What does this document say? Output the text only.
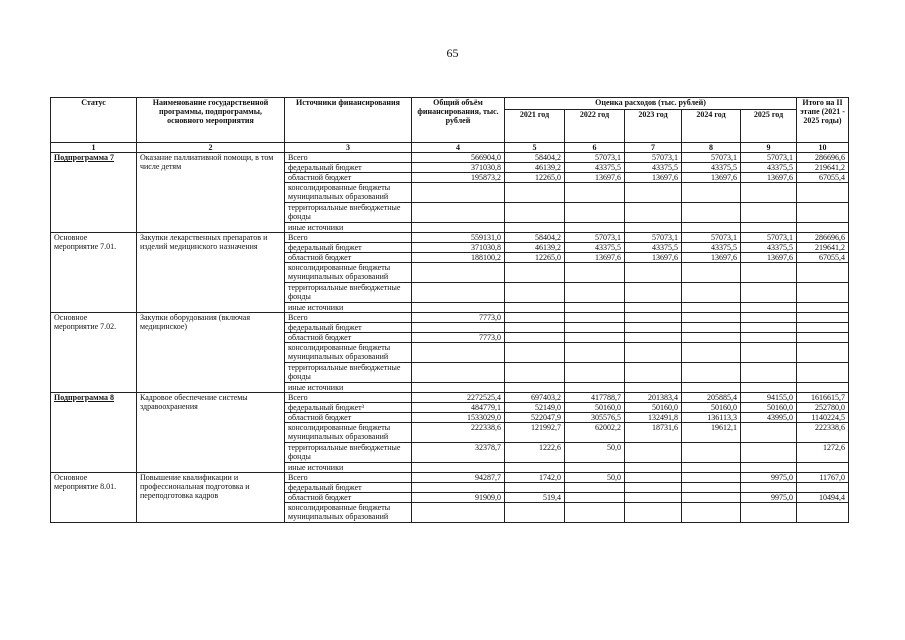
65
Статус	Наименование государственной программы, подпрограммы, основного мероприятия	Источники финансирования	Общий объём финансирования, тыс. рублей	Оценка расходов (тыс. рублей)					Итого на II этапе (2021 - 2025 годы)
				2021 год	2022 год	2023 год	2024 год	2025 год	
1	2	3	4	5	6	7	8	9	10
Подпрограмма 7	Оказание паллиативной помощи, в том числе детям	Всего	566904,0	58404,2	57073,1	57073,1	57073,1	57073,1	286696,6
		федеральный бюджет	371030,8	46139,2	43375,5	43375,5	43375,5	43375,5	219641,2
		областной бюджет	195873,2	12265,0	13697,6	13697,6	13697,6	13697,6	67055,4
		консолидированные бюджеты муниципальных образований							
		территориальные внебюджетные фонды							
		иные источники							
Основное мероприятие 7.01.	Закупки лекарственных препаратов и изделий медицинского назначения	Всего	559131,0	58404,2	57073,1	57073,1	57073,1	57073,1	286696,6
		федеральный бюджет	371030,8	46139,2	43375,5	43375,5	43375,5	43375,5	219641,2
		областной бюджет	188100,2	12265,0	13697,6	13697,6	13697,6	13697,6	67055,4
		консолидированные бюджеты муниципальных образований							
		территориальные внебюджетные фонды							
		иные источники							
Основное мероприятие 7.02.	Закупки оборудования (включая медицинское)	Всего	7773,0						
		федеральный бюджет							
		областной бюджет	7773,0						
		консолидированные бюджеты муниципальных образований							
		территориальные внебюджетные фонды							
		иные источники							
Подпрограмма 8	Кадровое обеспечение системы здравоохранения	Всего	2272525,4	697403,2	417788,7	201383,4	205885,4	94155,0	1616615,7
		федеральный бюджет³	484779,1	52149,0	50160,0	50160,0	50160,0	50160,0	252780,0
		областной бюджет	1533029,0	522047,9	305576,5	132491,8	136113,3	43995,0	1140224,5
		консолидированные бюджеты муниципальных образований	222338,6	121992,7	62002,2	18731,6	19612,1		222338,6
		территориальные внебюджетные фонды	32378,7	1222,6	50,0				1272,6
		иные источники							
Основное мероприятие 8.01.	Повышение квалификации и профессиональная подготовка и переподготовка кадров	Всего	94287,7	1742,0	50,0			9975,0	11767,0
		федеральный бюджет							
		областной бюджет	91909,0	519,4				9975,0	10494,4
		консолидированные бюджеты муниципальных образований							
